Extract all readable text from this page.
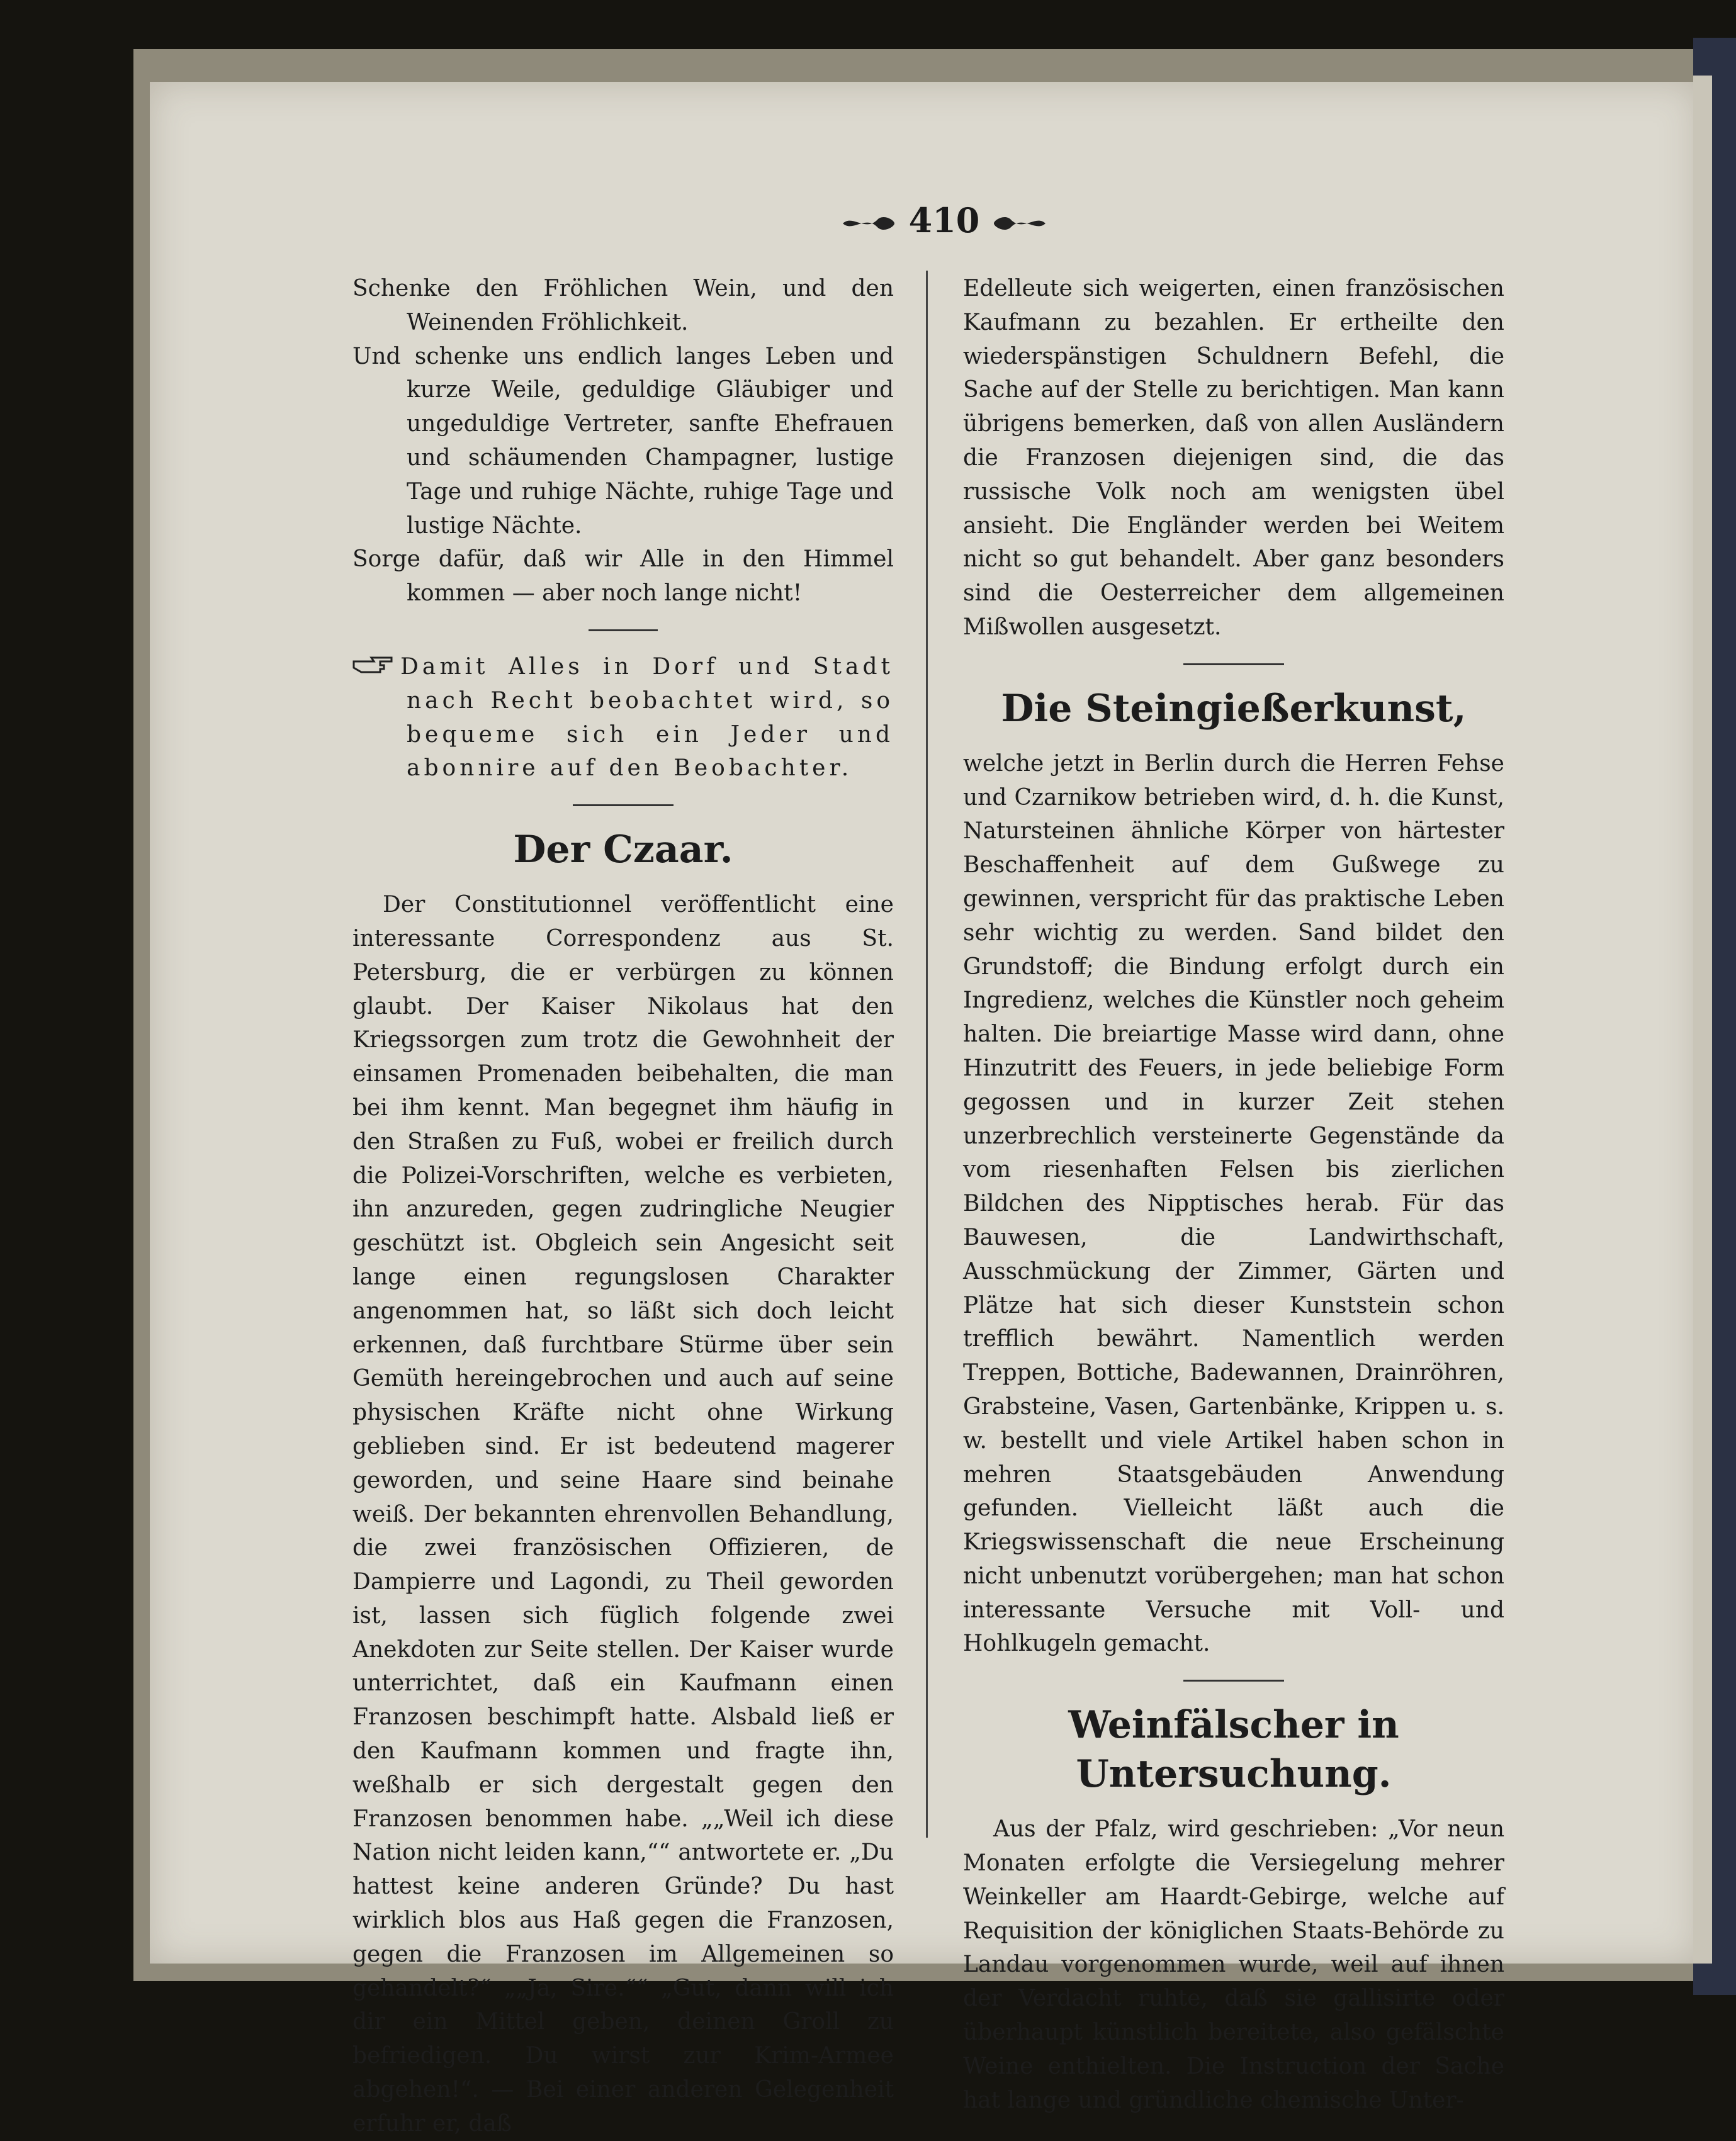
410

Schenke den Fröhlichen Wein, und den Weinenden Fröhlichkeit.

Und schenke uns endlich langes Leben und kurze Weile, geduldige Gläubiger und ungeduldige Vertreter, sanfte Ehefrauen und schäumenden Champagner, lustige Tage und ruhige Nächte, ruhige Tage und lustige Nächte.

Sorge dafür, daß wir Alle in den Himmel kommen — aber noch lange nicht!

Damit Alles in Dorf und Stadt nach Recht beobachtet wird, so bequeme sich ein Jeder und abonnire auf den Beobachter.

Der Czaar.

Der Constitutionnel veröffentlicht eine interessante Correspondenz aus St. Petersburg, die er verbürgen zu können glaubt. Der Kaiser Nikolaus hat den Kriegssorgen zum trotz die Gewohnheit der einsamen Promenaden beibehalten, die man bei ihm kennt. Man begegnet ihm häufig in den Straßen zu Fuß, wobei er freilich durch die Polizei-Vorschriften, welche es verbieten, ihn anzureden, gegen zudringliche Neugier geschützt ist. Obgleich sein Angesicht seit lange einen regungslosen Charakter angenommen hat, so läßt sich doch leicht erkennen, daß furchtbare Stürme über sein Gemüth hereingebrochen und auch auf seine physischen Kräfte nicht ohne Wirkung geblieben sind. Er ist bedeutend magerer geworden, und seine Haare sind beinahe weiß. Der bekannten ehrenvollen Behandlung, die zwei französischen Offizieren, de Dampierre und Lagondi, zu Theil geworden ist, lassen sich füglich folgende zwei Anekdoten zur Seite stellen. Der Kaiser wurde unterrichtet, daß ein Kaufmann einen Franzosen beschimpft hatte. Alsbald ließ er den Kaufmann kommen und fragte ihn, weßhalb er sich dergestalt gegen den Franzosen benommen habe. „„Weil ich diese Nation nicht leiden kann,““ antwortete er. „Du hattest keine anderen Gründe? Du hast wirklich blos aus Haß gegen die Franzosen, gegen die Franzosen im Allgemeinen so gehandelt?“ „„Ja, Sire.““ „Gut, dann will ich dir ein Mittel geben, deinen Groll zu befriedigen. Du wirst zur Krim-Armee abgehen!“. — Bei einer anderen Gelegenheit erfuhr er, daß

Edelleute sich weigerten, einen französischen Kaufmann zu bezahlen. Er ertheilte den wiederspänstigen Schuldnern Befehl, die Sache auf der Stelle zu berichtigen. Man kann übrigens bemerken, daß von allen Ausländern die Franzosen diejenigen sind, die das russische Volk noch am wenigsten übel ansieht. Die Engländer werden bei Weitem nicht so gut behandelt. Aber ganz besonders sind die Oesterreicher dem allgemeinen Mißwollen ausgesetzt.

Die Steingießerkunst,

welche jetzt in Berlin durch die Herren Fehse und Czarnikow betrieben wird, d. h. die Kunst, Natursteinen ähnliche Körper von härtester Beschaffenheit auf dem Gußwege zu gewinnen, verspricht für das praktische Leben sehr wichtig zu werden. Sand bildet den Grundstoff; die Bindung erfolgt durch ein Ingredienz, welches die Künstler noch geheim halten. Die breiartige Masse wird dann, ohne Hinzutritt des Feuers, in jede beliebige Form gegossen und in kurzer Zeit stehen unzerbrechlich versteinerte Gegenstände da vom riesenhaften Felsen bis zierlichen Bildchen des Nipptisches herab. Für das Bauwesen, die Landwirthschaft, Ausschmückung der Zimmer, Gärten und Plätze hat sich dieser Kunststein schon trefflich bewährt. Namentlich werden Treppen, Bottiche, Badewannen, Drainröhren, Grabsteine, Vasen, Gartenbänke, Krippen u. s. w. bestellt und viele Artikel haben schon in mehren Staatsgebäuden Anwendung gefunden. Vielleicht läßt auch die Kriegswissenschaft die neue Erscheinung nicht unbenutzt vorübergehen; man hat schon interessante Versuche mit Voll- und Hohlkugeln gemacht.

Weinfälscher in Untersuchung.

Aus der Pfalz, wird geschrieben: „Vor neun Monaten erfolgte die Versiegelung mehrer Weinkeller am Haardt-Gebirge, welche auf Requisition der königlichen Staats-Behörde zu Landau vorgenommen wurde, weil auf ihnen der Verdacht ruhte, daß sie gallisirte oder überhaupt künstlich bereitete, also gefälschte Weine enthielten. Die Instruction der Sache hat lange und gründliche chemische Unter-
